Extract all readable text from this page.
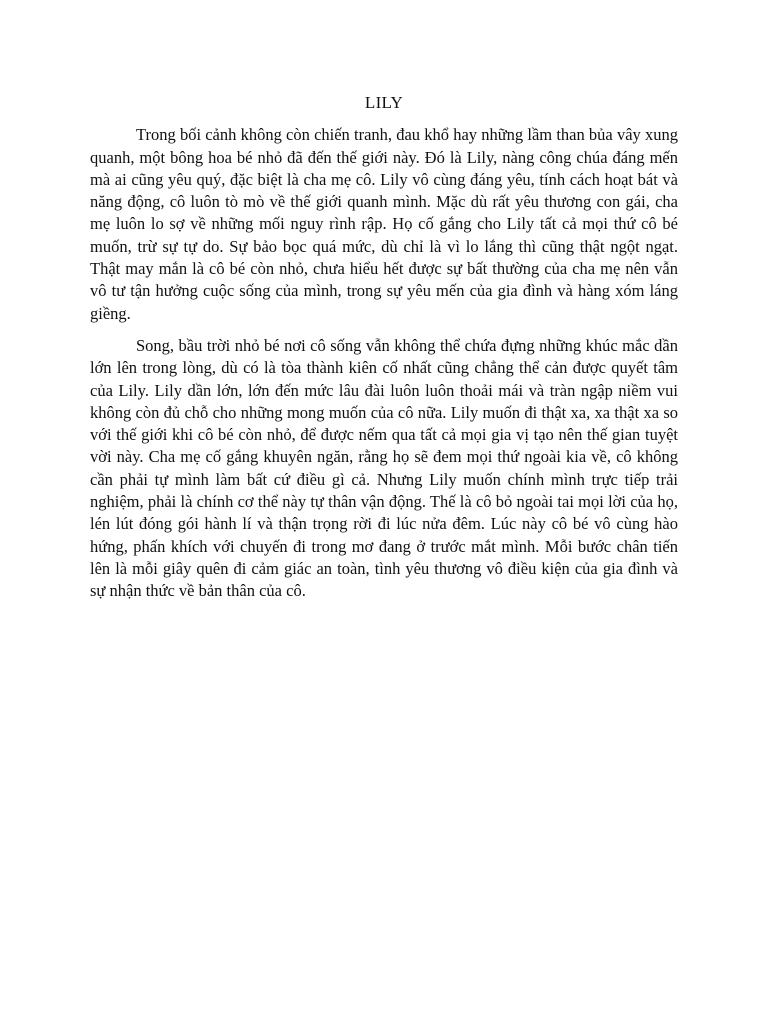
LILY

Trong bối cảnh không còn chiến tranh, đau khổ hay những lầm than bủa vây xung quanh, một bông hoa bé nhỏ đã đến thế giới này. Đó là Lily, nàng công chúa đáng mến mà ai cũng yêu quý, đặc biệt là cha mẹ cô. Lily vô cùng đáng yêu, tính cách hoạt bát và năng động, cô luôn tò mò về thế giới quanh mình. Mặc dù rất yêu thương con gái, cha mẹ luôn lo sợ về những mối nguy rình rập. Họ cố gắng cho Lily tất cả mọi thứ cô bé muốn, trừ sự tự do. Sự bảo bọc quá mức, dù chỉ là vì lo lắng thì cũng thật ngột ngạt. Thật may mắn là cô bé còn nhỏ, chưa hiểu hết được sự bất thường của cha mẹ nên vẫn vô tư tận hưởng cuộc sống của mình, trong sự yêu mến của gia đình và hàng xóm láng giềng.

Song, bầu trời nhỏ bé nơi cô sống vẫn không thể chứa đựng những khúc mắc dần lớn lên trong lòng, dù có là tòa thành kiên cố nhất cũng chẳng thể cản được quyết tâm của Lily. Lily dần lớn, lớn đến mức lâu đài luôn luôn thoải mái và tràn ngập niềm vui không còn đủ chỗ cho những mong muốn của cô nữa. Lily muốn đi thật xa, xa thật xa so với thế giới khi cô bé còn nhỏ, để được nếm qua tất cả mọi gia vị tạo nên thế gian tuyệt vời này. Cha mẹ cố gắng khuyên ngăn, rằng họ sẽ đem mọi thứ ngoài kia về, cô không cần phải tự mình làm bất cứ điều gì cả. Nhưng Lily muốn chính mình trực tiếp trải nghiệm, phải là chính cơ thể này tự thân vận động. Thế là cô bỏ ngoài tai mọi lời của họ, lén lút đóng gói hành lí và thận trọng rời đi lúc nửa đêm. Lúc này cô bé vô cùng hào hứng, phấn khích với chuyến đi trong mơ đang ở trước mắt mình. Mỗi bước chân tiến lên là mỗi giây quên đi cảm giác an toàn, tình yêu thương vô điều kiện của gia đình và sự nhận thức về bản thân của cô.
